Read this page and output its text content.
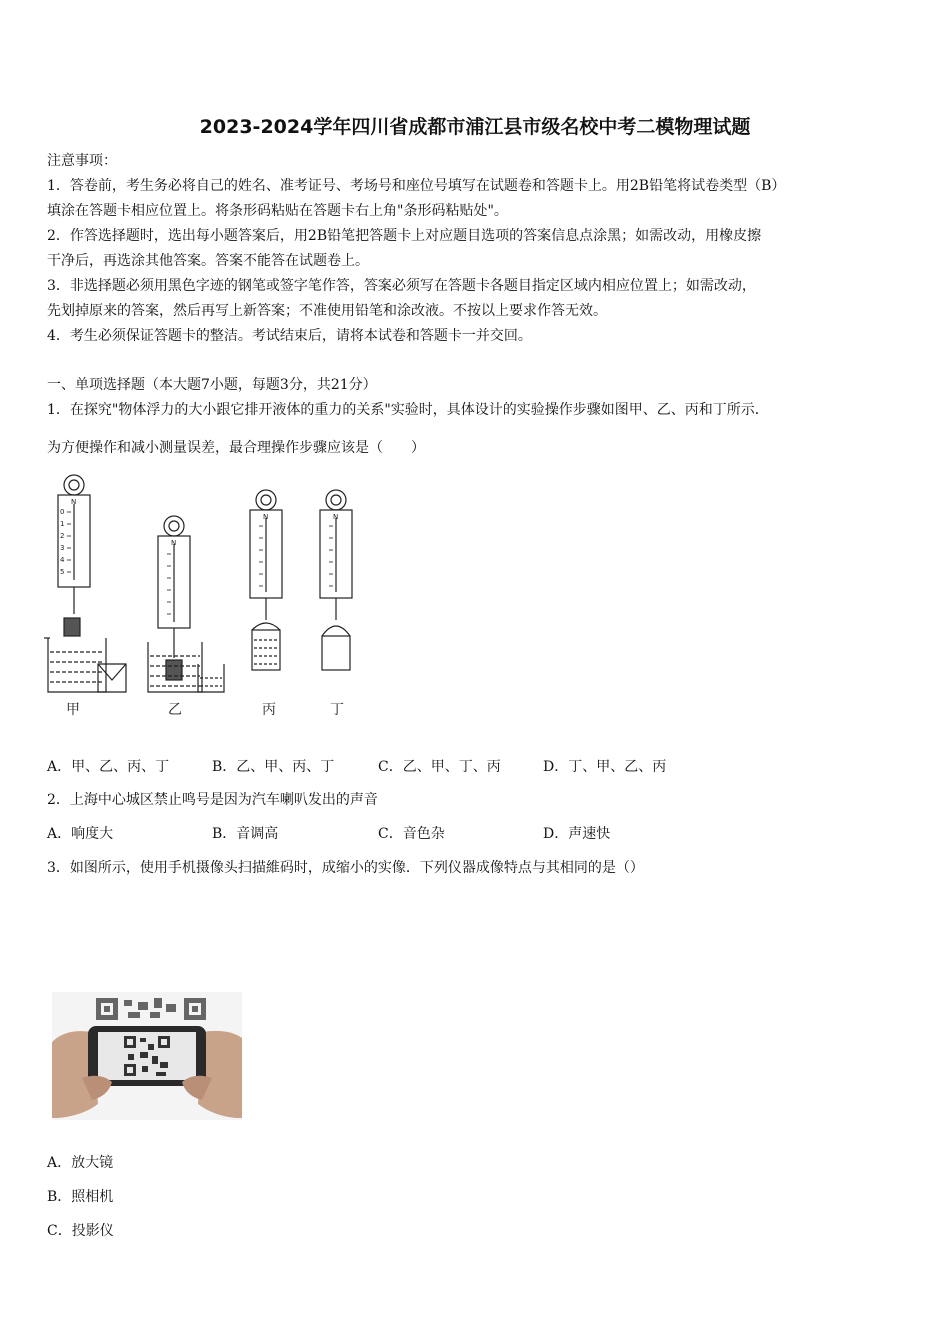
2023-2024学年四川省成都市浦江县市级名校中考二模物理试题
注意事项：
1．答卷前，考生务必将自己的姓名、准考证号、考场号和座位号填写在试题卷和答题卡上。用2B铅笔将试卷类型（B）
填涂在答题卡相应位置上。将条形码粘贴在答题卡右上角"条形码粘贴处"。
2．作答选择题时，选出每小题答案后，用2B铅笔把答题卡上对应题目选项的答案信息点涂黑；如需改动，用橡皮擦
干净后，再选涂其他答案。答案不能答在试题卷上。
3．非选择题必须用黑色字迹的钢笔或签字笔作答，答案必须写在答题卡各题目指定区域内相应位置上；如需改动，
先划掉原来的答案，然后再写上新答案；不准使用铅笔和涂改液。不按以上要求作答无效。
4．考生必须保证答题卡的整洁。考试结束后，请将本试卷和答题卡一并交回。
一、单项选择题（本大题7小题，每题3分，共21分）
1．在探究"物体浮力的大小跟它排开液体的重力的关系"实验时，具体设计的实验操作步骤如图甲、乙、丙和丁所示．
为方便操作和减小测量误差，最合理操作步骤应该是（　　）
N
N
N	N
0
1
2
3
4
5
甲	乙	丙	丁
A．甲、乙、丙、丁	B．乙、甲、丙、丁	C．乙、甲、丁、丙	D．丁、甲、乙、丙
2．上海中心城区禁止鸣号是因为汽车喇叭发出的声音
A．响度大	B．音调高	C．音色杂	D．声速快
3．如图所示，使用手机摄像头扫描維码时，成缩小的实像．下列仪器成像特点与其相同的是（）
A．放大镜
B．照相机
C．投影仪
